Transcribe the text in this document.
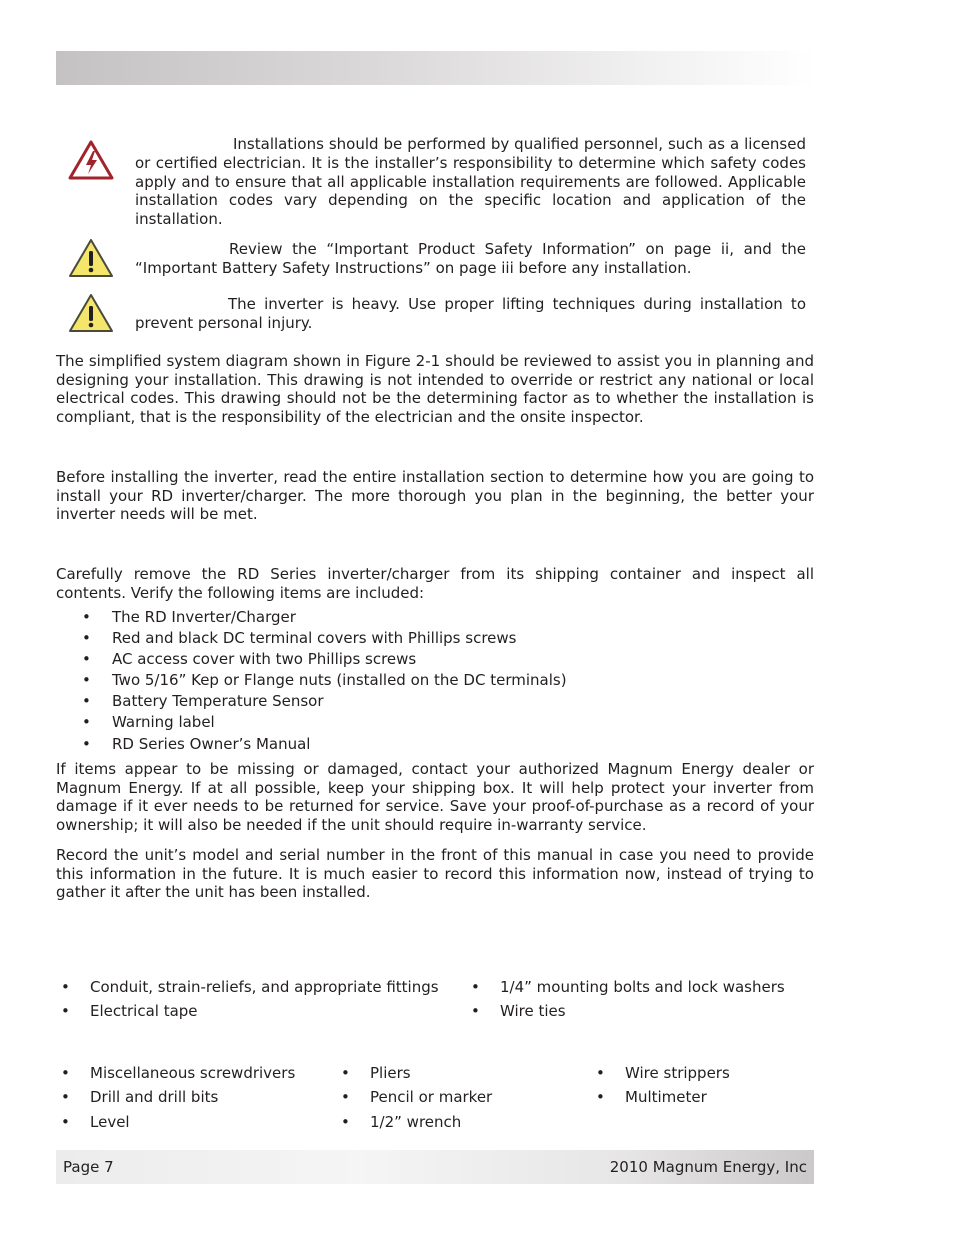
Installations should be performed by qualified personnel, such as a licensed or certified electrician. It is the installer’s responsibility to determine which safety codes apply and to ensure that all applicable installation requirements are followed. Applicable installation codes vary depending on the specific location and application of the installation.
Review the “Important Product Safety Information” on page ii, and the “Important Battery Safety Instructions” on page iii before any installation.
The inverter is heavy. Use proper lifting techniques during installation to prevent personal injury.

The simplified system diagram shown in Figure 2-1 should be reviewed to assist you in planning and designing your installation. This drawing is not intended to override or restrict any national or local electrical codes. This drawing should not be the determining factor as to whether the installation is compliant, that is the responsibility of the electrician and the onsite inspector.

Before installing the inverter, read the entire installation section to determine how you are going to install your RD inverter/charger. The more thorough you plan in the beginning, the better your inverter needs will be met.

Carefully remove the RD Series inverter/charger from its shipping container and inspect all contents. Verify the following items are included:

• The RD Inverter/Charger
• Red and black DC terminal covers with Phillips screws
• AC access cover with two Phillips screws
• Two 5/16” Kep or Flange nuts (installed on the DC terminals)
• Battery Temperature Sensor
• Warning label
• RD Series Owner’s Manual

If items appear to be missing or damaged, contact your authorized Magnum Energy dealer or Magnum Energy. If at all possible, keep your shipping box. It will help protect your inverter from damage if it ever needs to be returned for service. Save your proof-of-purchase as a record of your ownership; it will also be needed if the unit should require in-warranty service.

Record the unit’s model and serial number in the front of this manual in case you need to provide this information in the future. It is much easier to record this information now, instead of trying to gather it after the unit has been installed.

• Conduit, strain-reliefs, and appropriate fittings
• Electrical tape
• 1/4” mounting bolts and lock washers
• Wire ties
• Miscellaneous screwdrivers
• Drill and drill bits
• Level
• Pliers
• Pencil or marker
• 1/2” wrench
• Wire strippers
• Multimeter
Page 7	2010 Magnum Energy, Inc
